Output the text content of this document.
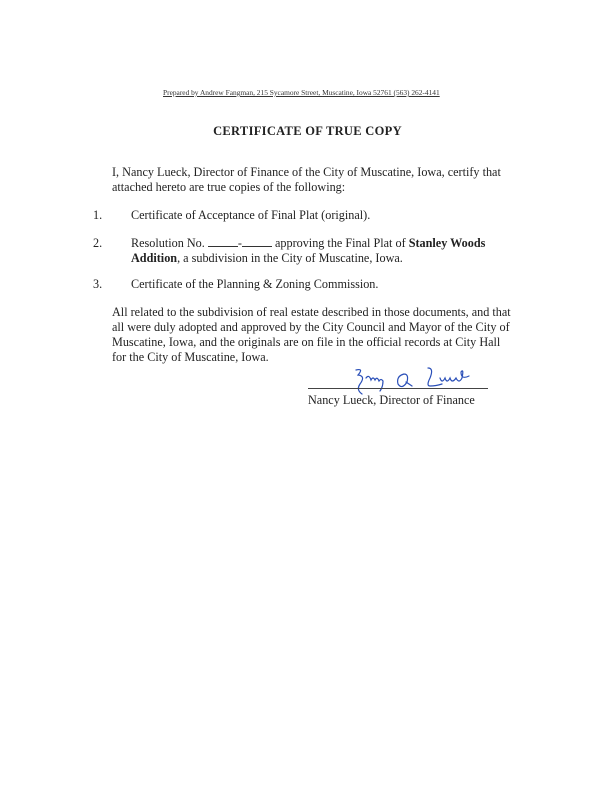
Prepared by Andrew Fangman, 215 Sycamore Street, Muscatine, Iowa 52761 (563) 262-4141
CERTIFICATE OF TRUE COPY
I, Nancy Lueck, Director of Finance of the City of Muscatine, Iowa, certify that attached hereto are true copies of the following:
1. Certificate of Acceptance of Final Plat (original).
2. Resolution No.	-	approving the Final Plat of Stanley Woods Addition, a subdivision in the City of Muscatine, Iowa.
3. Certificate of the Planning & Zoning Commission.
All related to the subdivision of real estate described in those documents, and that all were duly adopted and approved by the City Council and Mayor of the City of Muscatine, Iowa, and the originals are on file in the official records at City Hall for the City of Muscatine, Iowa.
Nancy Lueck, Director of Finance
